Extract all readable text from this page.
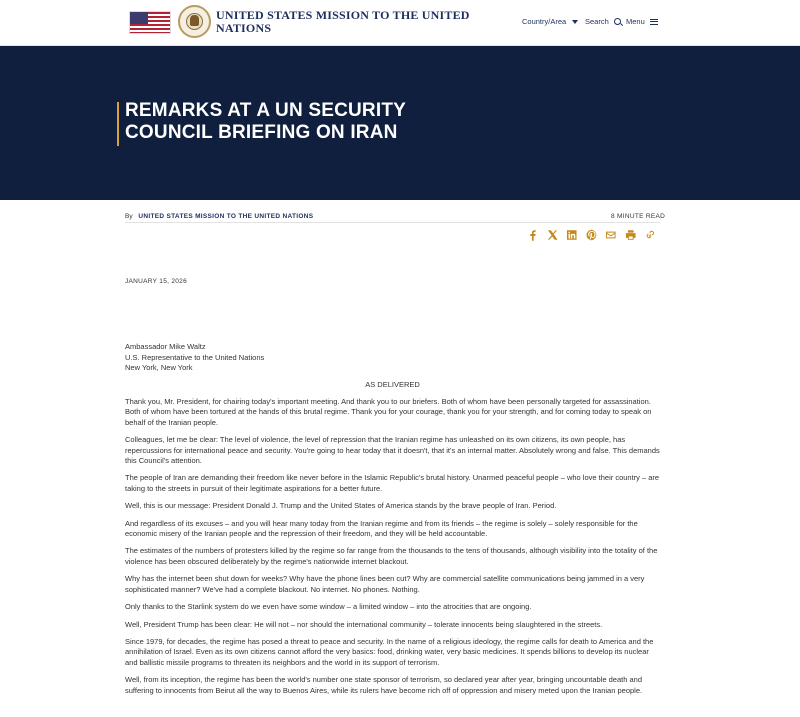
UNITED STATES MISSION TO THE UNITED NATIONS	Country/Area	Search Menu
REMARKS AT A UN SECURITY COUNCIL BRIEFING ON IRAN
By UNITED STATES MISSION TO THE UNITED NATIONS	8 MINUTE READ
JANUARY 15, 2026
Ambassador Mike Waltz
U.S. Representative to the United Nations
New York, New York
AS DELIVERED

Thank you, Mr. President, for chairing today's important meeting. And thank you to our briefers. Both of whom have been personally targeted for assassination. Both of whom have been tortured at the hands of this brutal regime. Thank you for your courage, thank you for your strength, and for coming today to speak on behalf of the Iranian people.

Colleagues, let me be clear: The level of violence, the level of repression that the Iranian regime has unleashed on its own citizens, its own people, has repercussions for international peace and security. You're going to hear today that it doesn't, that it's an internal matter. Absolutely wrong and false. This demands this Council's attention.

The people of Iran are demanding their freedom like never before in the Islamic Republic's brutal history. Unarmed peaceful people – who love their country – are taking to the streets in pursuit of their legitimate aspirations for a better future.

Well, this is our message: President Donald J. Trump and the United States of America stands by the brave people of Iran. Period.

And regardless of its excuses – and you will hear many today from the Iranian regime and from its friends – the regime is solely – solely responsible for the economic misery of the Iranian people and the repression of their freedom, and they will be held accountable.

The estimates of the numbers of protesters killed by the regime so far range from the thousands to the tens of thousands, although visibility into the totality of the violence has been obscured deliberately by the regime's nationwide internet blackout.

Why has the internet been shut down for weeks? Why have the phone lines been cut? Why are commercial satellite communications being jammed in a very sophisticated manner? We've had a complete blackout. No internet. No phones. Nothing.

Only thanks to the Starlink system do we even have some window – a limited window – into the atrocities that are ongoing.

Well, President Trump has been clear: He will not – nor should the international community – tolerate innocents being slaughtered in the streets.

Since 1979, for decades, the regime has posed a threat to peace and security. In the name of a religious ideology, the regime calls for death to America and the annihilation of Israel. Even as its own citizens cannot afford the very basics: food, drinking water, very basic medicines. It spends billions to develop its nuclear and ballistic missile programs to threaten its neighbors and the world in its support of terrorism.

Well, from its inception, the regime has been the world's number one state sponsor of terrorism, so declared year after year, bringing uncountable death and suffering to innocents from Beirut all the way to Buenos Aires, while its rulers have become rich off of oppression and misery meted upon the Iranian people.
